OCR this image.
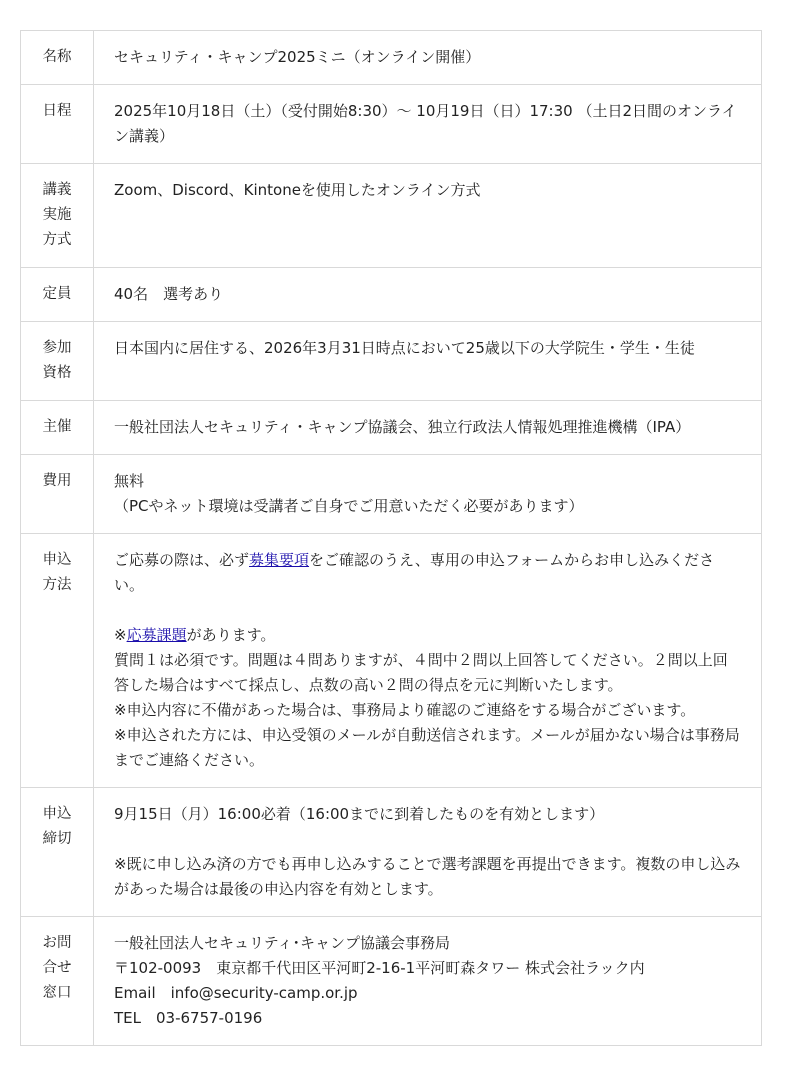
名称	セキュリティ・キャンプ2025ミニ（オンライン開催）

日程	2025年10月18日（土）（受付開始8:30）〜 10月19日（日）17:30 （土日2日間のオンライン講義）

講義
実施
方式	Zoom、Discord、Kintoneを使用したオンライン方式

定員	40名　選考あり

参加
資格	日本国内に居住する、2026年3月31日時点において25歳以下の大学院生・学生・生徒

主催	一般社団法人セキュリティ・キャンプ協議会、独立行政法人情報処理推進機構（IPA）

費用	無料
（PCやネット環境は受講者ご自身でご用意いただく必要があります）

申込
方法	ご応募の際は、必ず募集要項をご確認のうえ、専用の申込フォームからお申し込みください。
※応募課題があります。
質問１は必須です。問題は４問ありますが、４問中２問以上回答してください。２問以上回答した場合はすべて採点し、点数の高い２問の得点を元に判断いたします。
※申込内容に不備があった場合は、事務局より確認のご連絡をする場合がございます。
※申込された方には、申込受領のメールが自動送信されます。メールが届かない場合は事務局までご連絡ください。

申込
締切	9月15日（月）16:00必着（16:00までに到着したものを有効とします）
※既に申し込み済の方でも再申し込みすることで選考課題を再提出できます。複数の申し込みがあった場合は最後の申込内容を有効とします。

お問
合せ
窓口	一般社団法人セキュリティ･キャンプ協議会事務局
〒102-0093　東京都千代田区平河町2-16-1平河町森タワー 株式会社ラック内
Email　info@security-camp.or.jp
TEL　03-6757-0196
